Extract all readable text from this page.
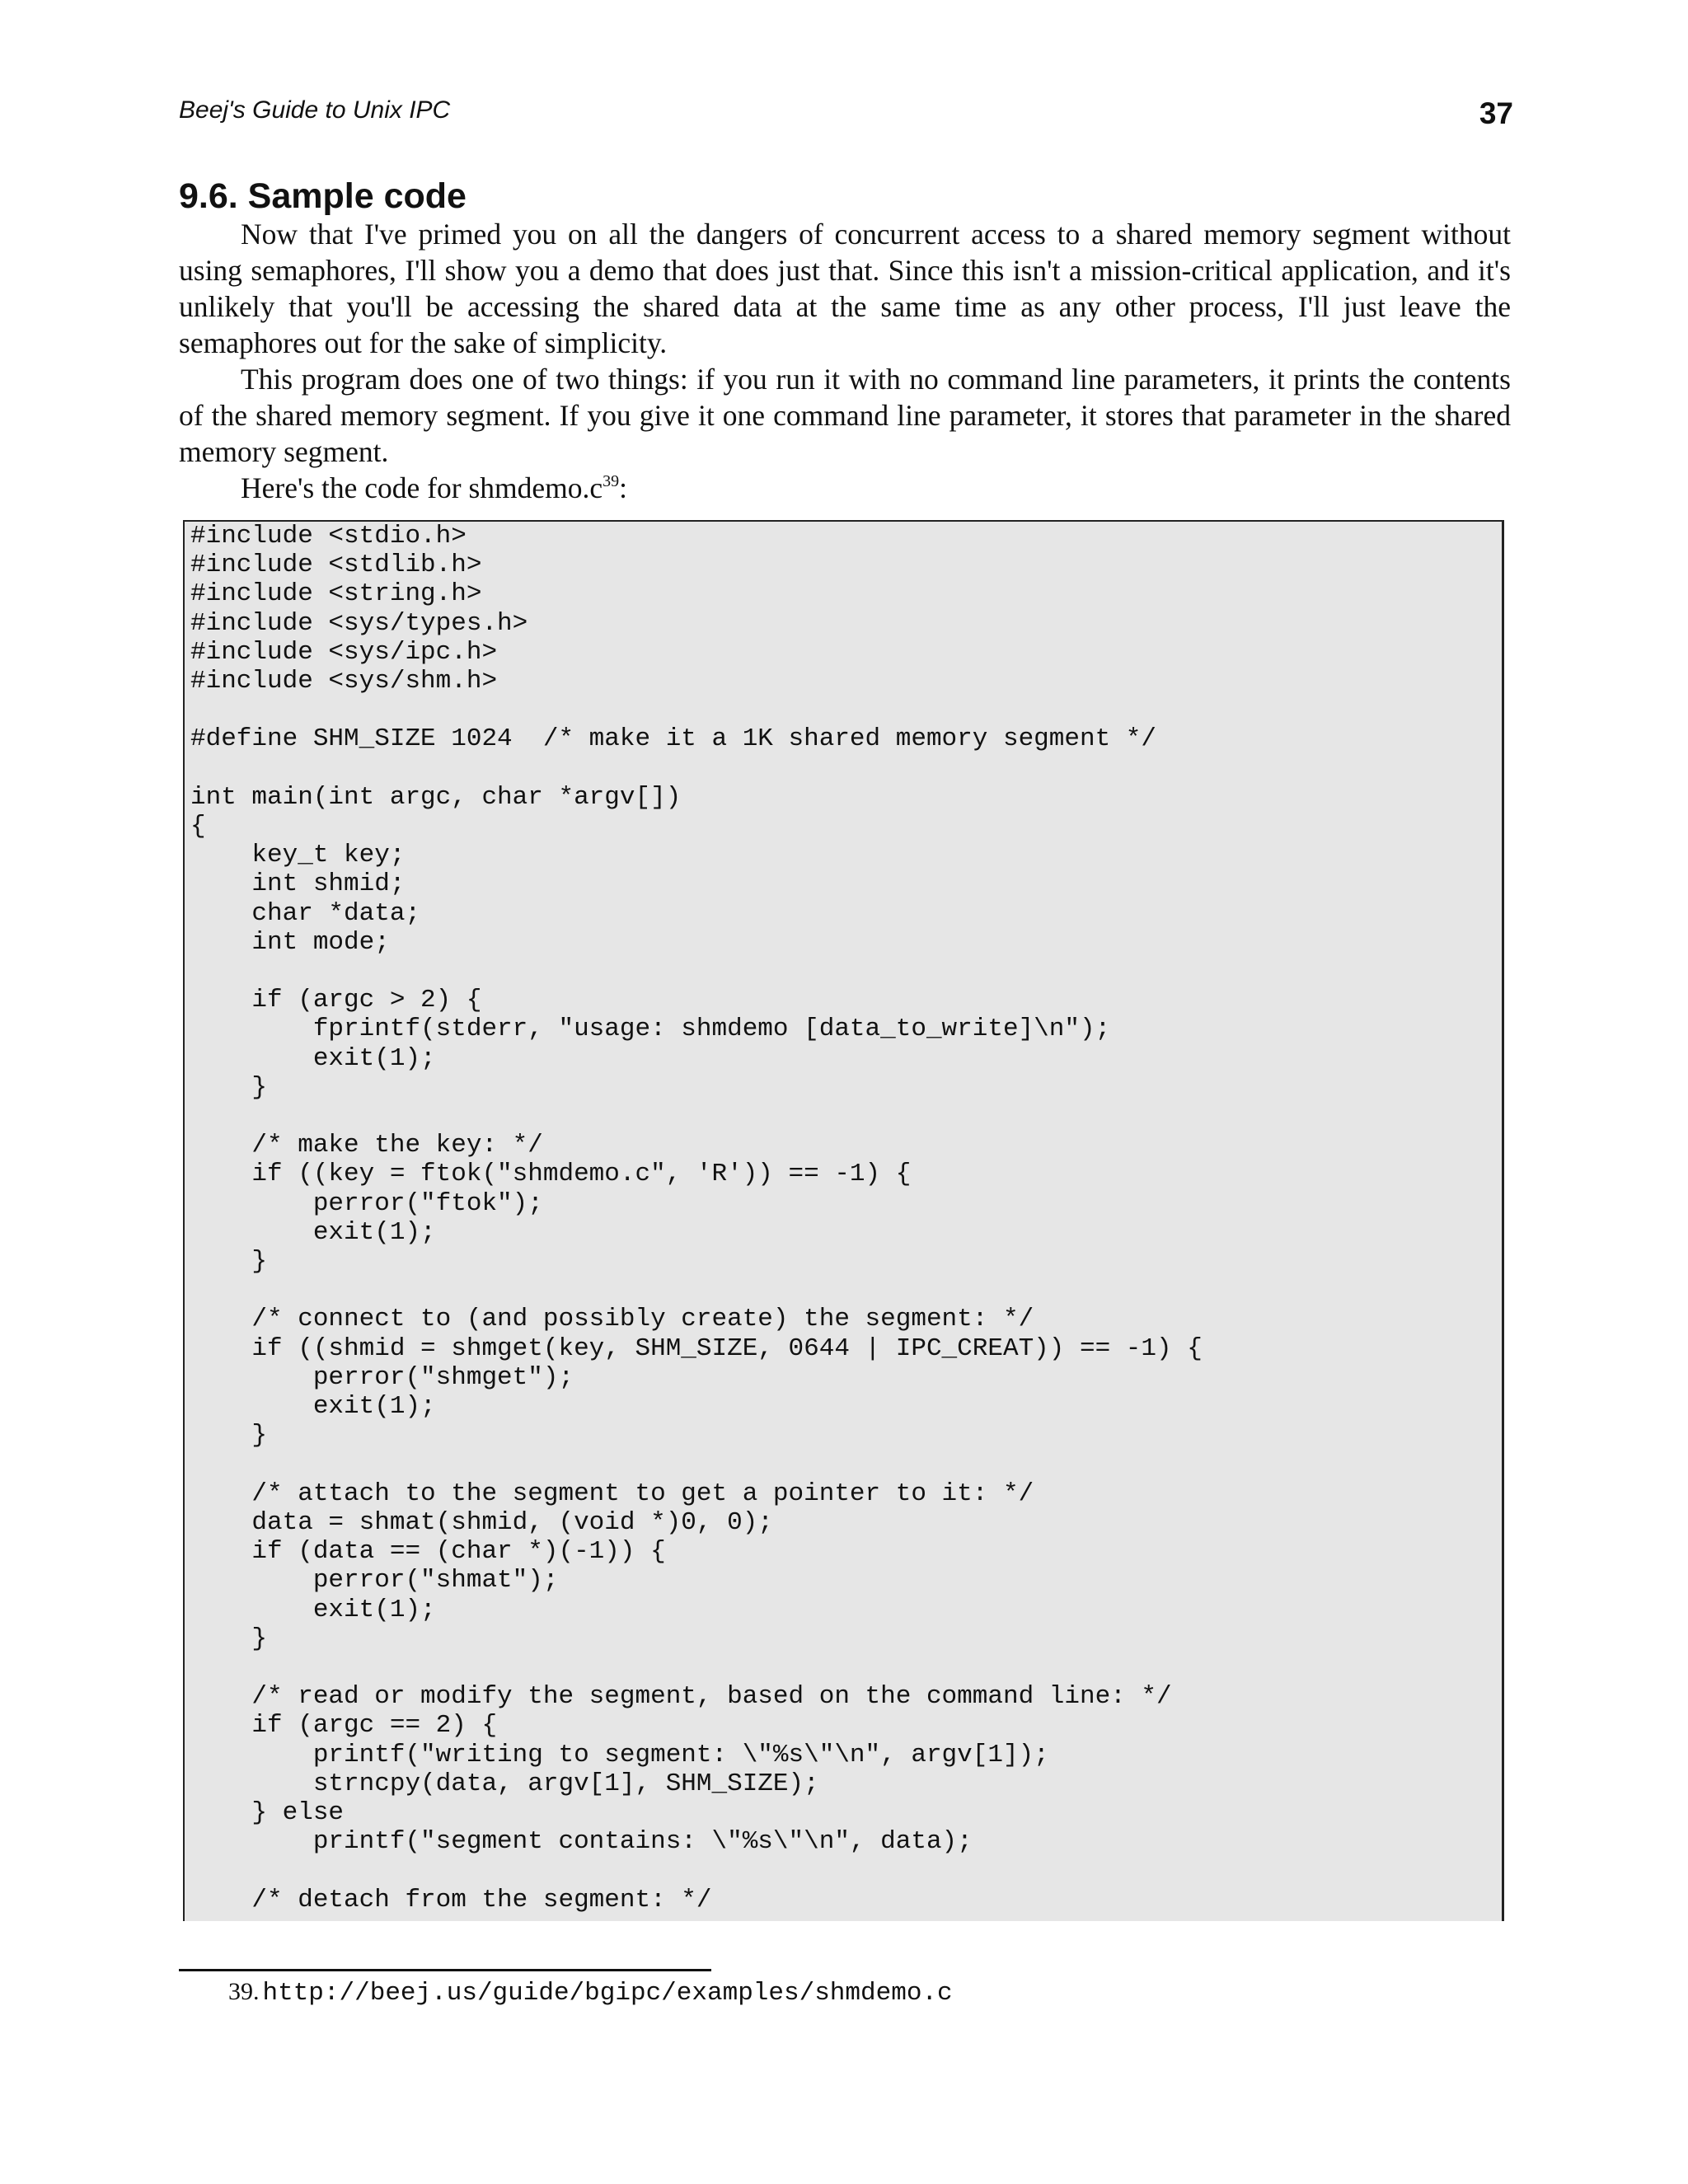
Beej's Guide to Unix IPC	37
9.6. Sample code

Now that I've primed you on all the dangers of concurrent access to a shared memory segment without using semaphores, I'll show you a demo that does just that. Since this isn't a mission-critical application, and it's unlikely that you'll be accessing the shared data at the same time as any other process, I'll just leave the semaphores out for the sake of simplicity.

This program does one of two things: if you run it with no command line parameters, it prints the contents of the shared memory segment. If you give it one command line parameter, it stores that parameter in the shared memory segment.

Here's the code for $shmdemo.c^{39}$:

#include <stdio.h>
#include <stdlib.h>
#include <string.h>
#include <sys/types.h>
#include <sys/ipc.h>
#include <sys/shm.h>

#define SHM_SIZE 1024  /* make it a 1K shared memory segment */

int main(int argc, char *argv[])
{
key_t key;
int shmid;
char *data;
int mode;

if (argc > 2) {
fprintf(stderr, "usage: shmdemo [data_to_write]\n");
exit(1);
}

/* make the key: */
if ((key = ftok("shmdemo.c", 'R')) == -1) {
perror("ftok");
exit(1);
}

/* connect to (and possibly create) the segment: */
if ((shmid = shmget(key, SHM_SIZE, 0644 | IPC_CREAT)) == -1) {
perror("shmget");
exit(1);
}

/* attach to the segment to get a pointer to it: */
data = shmat(shmid, (void *)0, 0);
if (data == (char *)(-1)) {
perror("shmat");
exit(1);
}

/* read or modify the segment, based on the command line: */
if (argc == 2) {
printf("writing to segment: \"%s\"\n", argv[1]);
strncpy(data, argv[1], SHM_SIZE);
} else
printf("segment contains: \"%s\"\n", data);

/* detach from the segment: */
39. http://beej.us/guide/bgipc/examples/shmdemo.c
